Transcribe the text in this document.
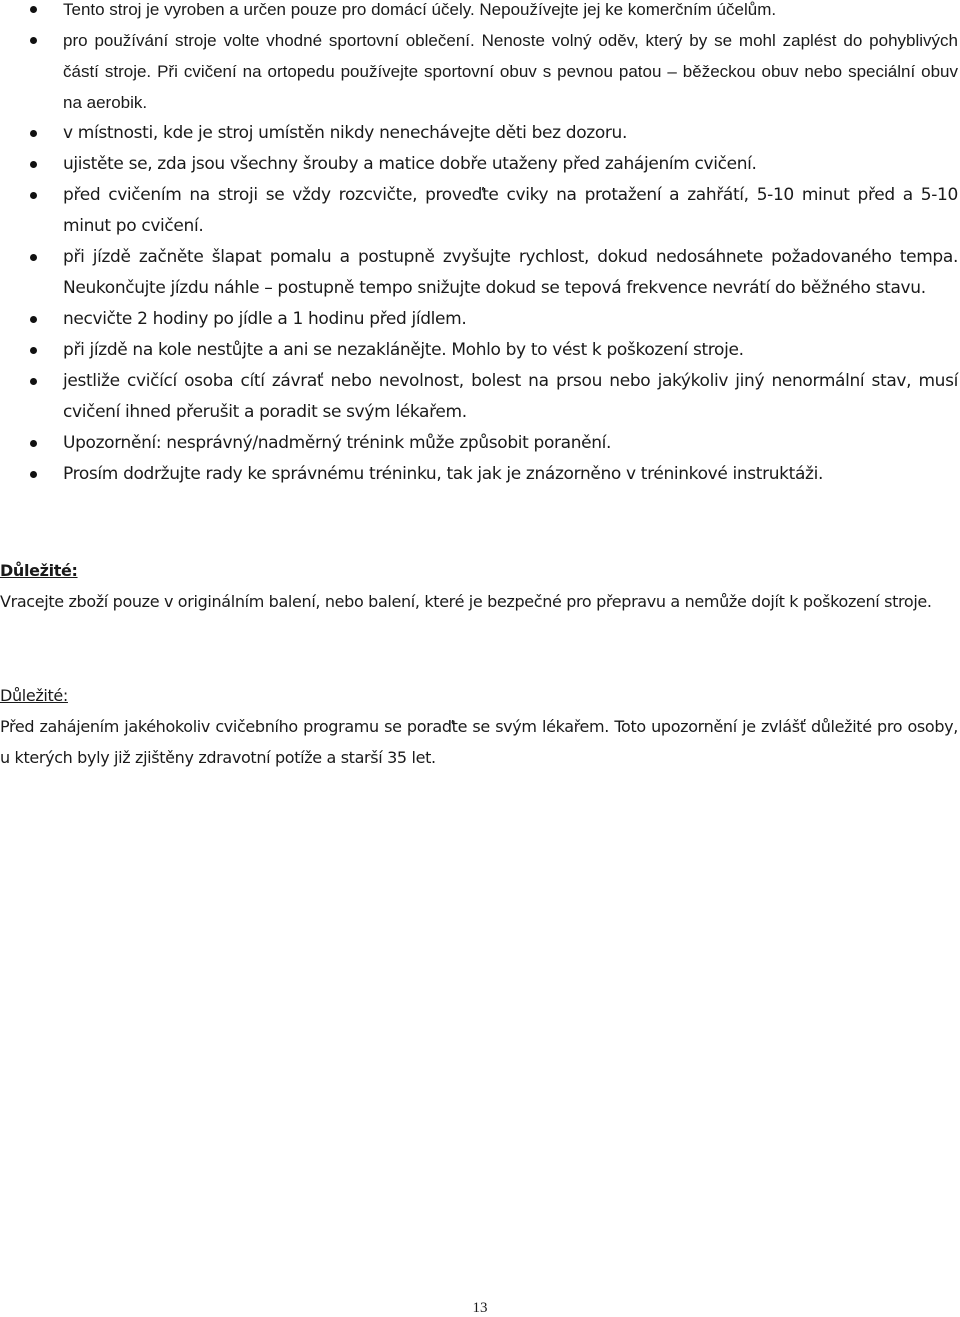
Tento stroj je vyroben a určen pouze pro domácí účely. Nepoužívejte jej ke komerčním účelům.
pro používání stroje volte vhodné sportovní oblečení. Nenoste volný oděv, který by se mohl zaplést do pohyblivých částí stroje. Při cvičení na ortopedu používejte sportovní obuv s pevnou patou – běžeckou obuv nebo speciální obuv na aerobik.
v místnosti, kde je stroj umístěn nikdy nenechávejte děti bez dozoru.
ujistěte se, zda jsou všechny šrouby a matice dobře utaženy před zahájením cvičení.
před cvičením na stroji se vždy rozcvičte, proveďte cviky na protažení a zahřátí, 5-10 minut před a 5-10 minut po cvičení.
při jízdě začněte šlapat pomalu a postupně zvyšujte rychlost, dokud nedosáhnete požadovaného tempa. Neukončujte jízdu náhle – postupně tempo snižujte dokud se tepová frekvence nevrátí do běžného stavu.
necvičte 2 hodiny po jídle a 1 hodinu před jídlem.
při jízdě na kole nestůjte a ani se nezaklánějte. Mohlo by to vést k poškození stroje.
jestliže cvičící osoba cítí závrať nebo nevolnost, bolest na prsou nebo jakýkoliv jiný nenormální stav, musí cvičení ihned přerušit a poradit se svým lékařem.
Upozornění: nesprávný/nadměrný trénink může způsobit poranění.
Prosím dodržujte rady ke správnému tréninku, tak jak je znázorněno v tréninkové instruktáži.
Důležité:
Vracejte zboží pouze v originálním balení, nebo balení, které je bezpečné pro přepravu a nemůže dojít k poškození stroje.
Důležité:
Před zahájením jakéhokoliv cvičebního programu se poraďte se svým lékařem. Toto upozornění je zvlášť důležité pro osoby, u kterých byly již zjištěny zdravotní potíže a starší 35 let.
13
